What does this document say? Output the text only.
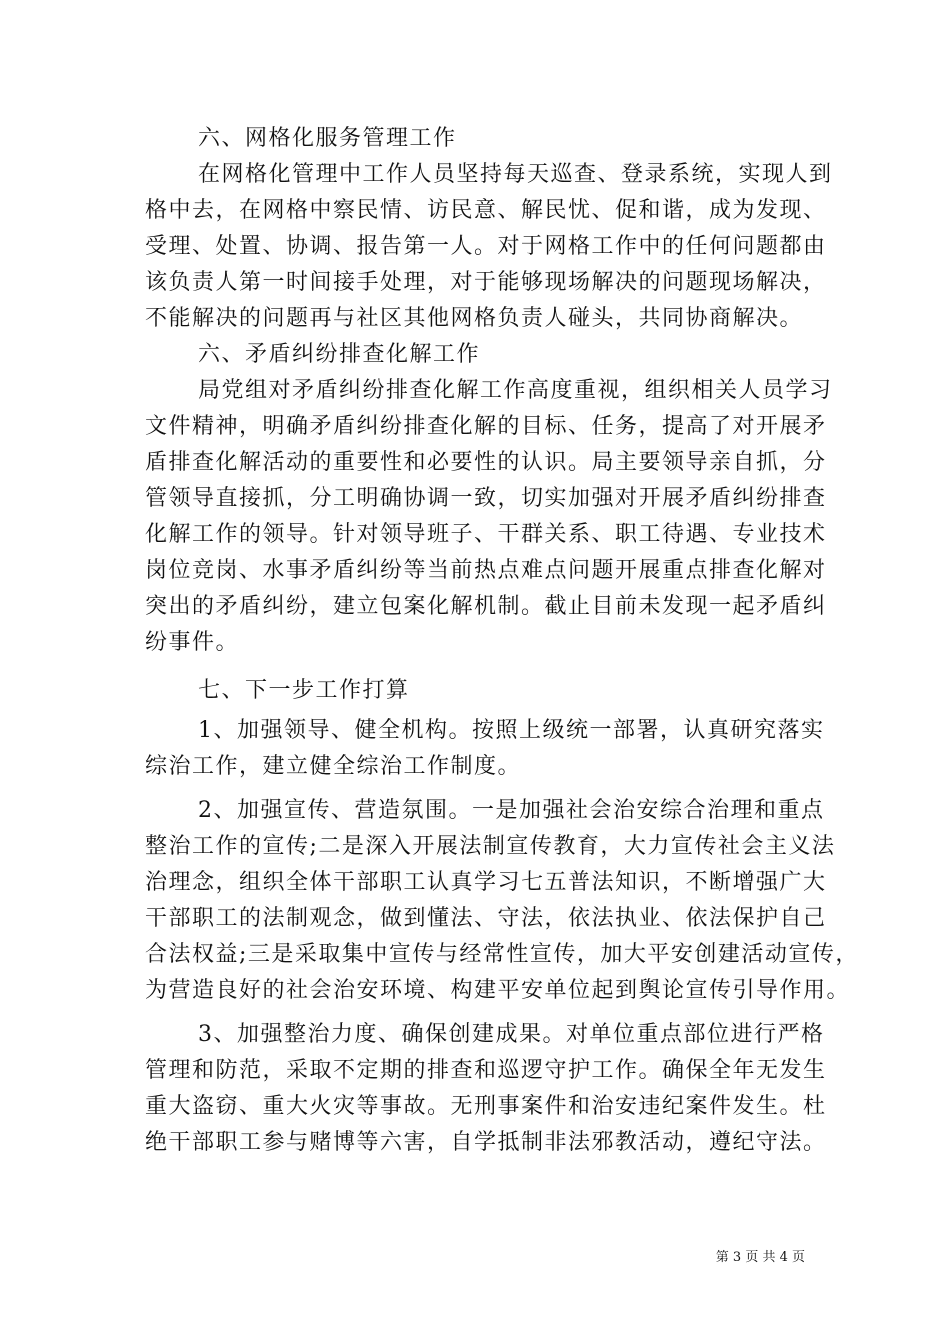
六、网格化服务管理工作
在网格化管理中工作人员坚持每天巡查、登录系统，实现人到
格中去，在网格中察民情、访民意、解民忧、促和谐，成为发现、
受理、处置、协调、报告第一人。对于网格工作中的任何问题都由
该负责人第一时间接手处理，对于能够现场解决的问题现场解决，
不能解决的问题再与社区其他网格负责人碰头，共同协商解决。
六、矛盾纠纷排查化解工作
局党组对矛盾纠纷排查化解工作高度重视，组织相关人员学习
文件精神，明确矛盾纠纷排查化解的目标、任务，提高了对开展矛
盾排查化解活动的重要性和必要性的认识。局主要领导亲自抓，分
管领导直接抓，分工明确协调一致，切实加强对开展矛盾纠纷排查
化解工作的领导。针对领导班子、干群关系、职工待遇、专业技术
岗位竞岗、水事矛盾纠纷等当前热点难点问题开展重点排查化解对
突出的矛盾纠纷，建立包案化解机制。截止目前未发现一起矛盾纠
纷事件。
七、下一步工作打算
1、加强领导、健全机构。按照上级统一部署，认真研究落实
综治工作，建立健全综治工作制度。
2、加强宣传、营造氛围。一是加强社会治安综合治理和重点
整治工作的宣传;二是深入开展法制宣传教育，大力宣传社会主义法
治理念，组织全体干部职工认真学习七五普法知识，不断增强广大
干部职工的法制观念，做到懂法、守法，依法执业、依法保护自己
合法权益;三是采取集中宣传与经常性宣传，加大平安创建活动宣传，
为营造良好的社会治安环境、构建平安单位起到舆论宣传引导作用。
3、加强整治力度、确保创建成果。对单位重点部位进行严格
管理和防范，采取不定期的排查和巡逻守护工作。确保全年无发生
重大盗窃、重大火灾等事故。无刑事案件和治安违纪案件发生。杜
绝干部职工参与赌博等六害，自学抵制非法邪教活动，遵纪守法。
第 3 页 共 4 页
